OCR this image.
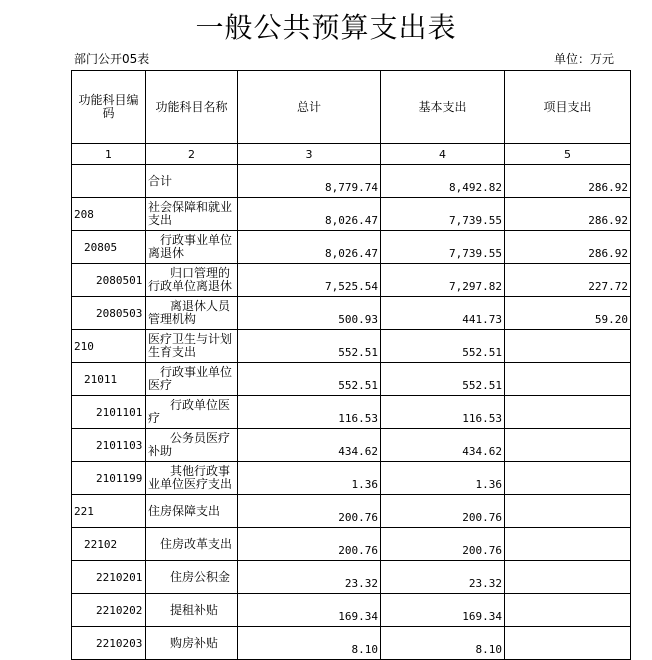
一般公共预算支出表
部门公开05表	单位：万元
功能科目编码	功能科目名称	总计	基本支出	项目支出
1	2	3	4	5
	合计	8,779.74	8,492.82	286.92
208	社会保障和就业支出	8,026.47	7,739.55	286.92
20805	行政事业单位离退休	8,026.47	7,739.55	286.92
2080501	归口管理的行政单位离退休	7,525.54	7,297.82	227.72
2080503	离退休人员管理机构	500.93	441.73	59.20
210	医疗卫生与计划生育支出	552.51	552.51	
21011	行政事业单位医疗	552.51	552.51	
2101101	行政单位医疗	116.53	116.53	
2101103	公务员医疗补助	434.62	434.62	
2101199	其他行政事业单位医疗支出	1.36	1.36	
221	住房保障支出	200.76	200.76	
22102	住房改革支出	200.76	200.76	
2210201	住房公积金	23.32	23.32	
2210202	提租补贴	169.34	169.34	
2210203	购房补贴	8.10	8.10	
